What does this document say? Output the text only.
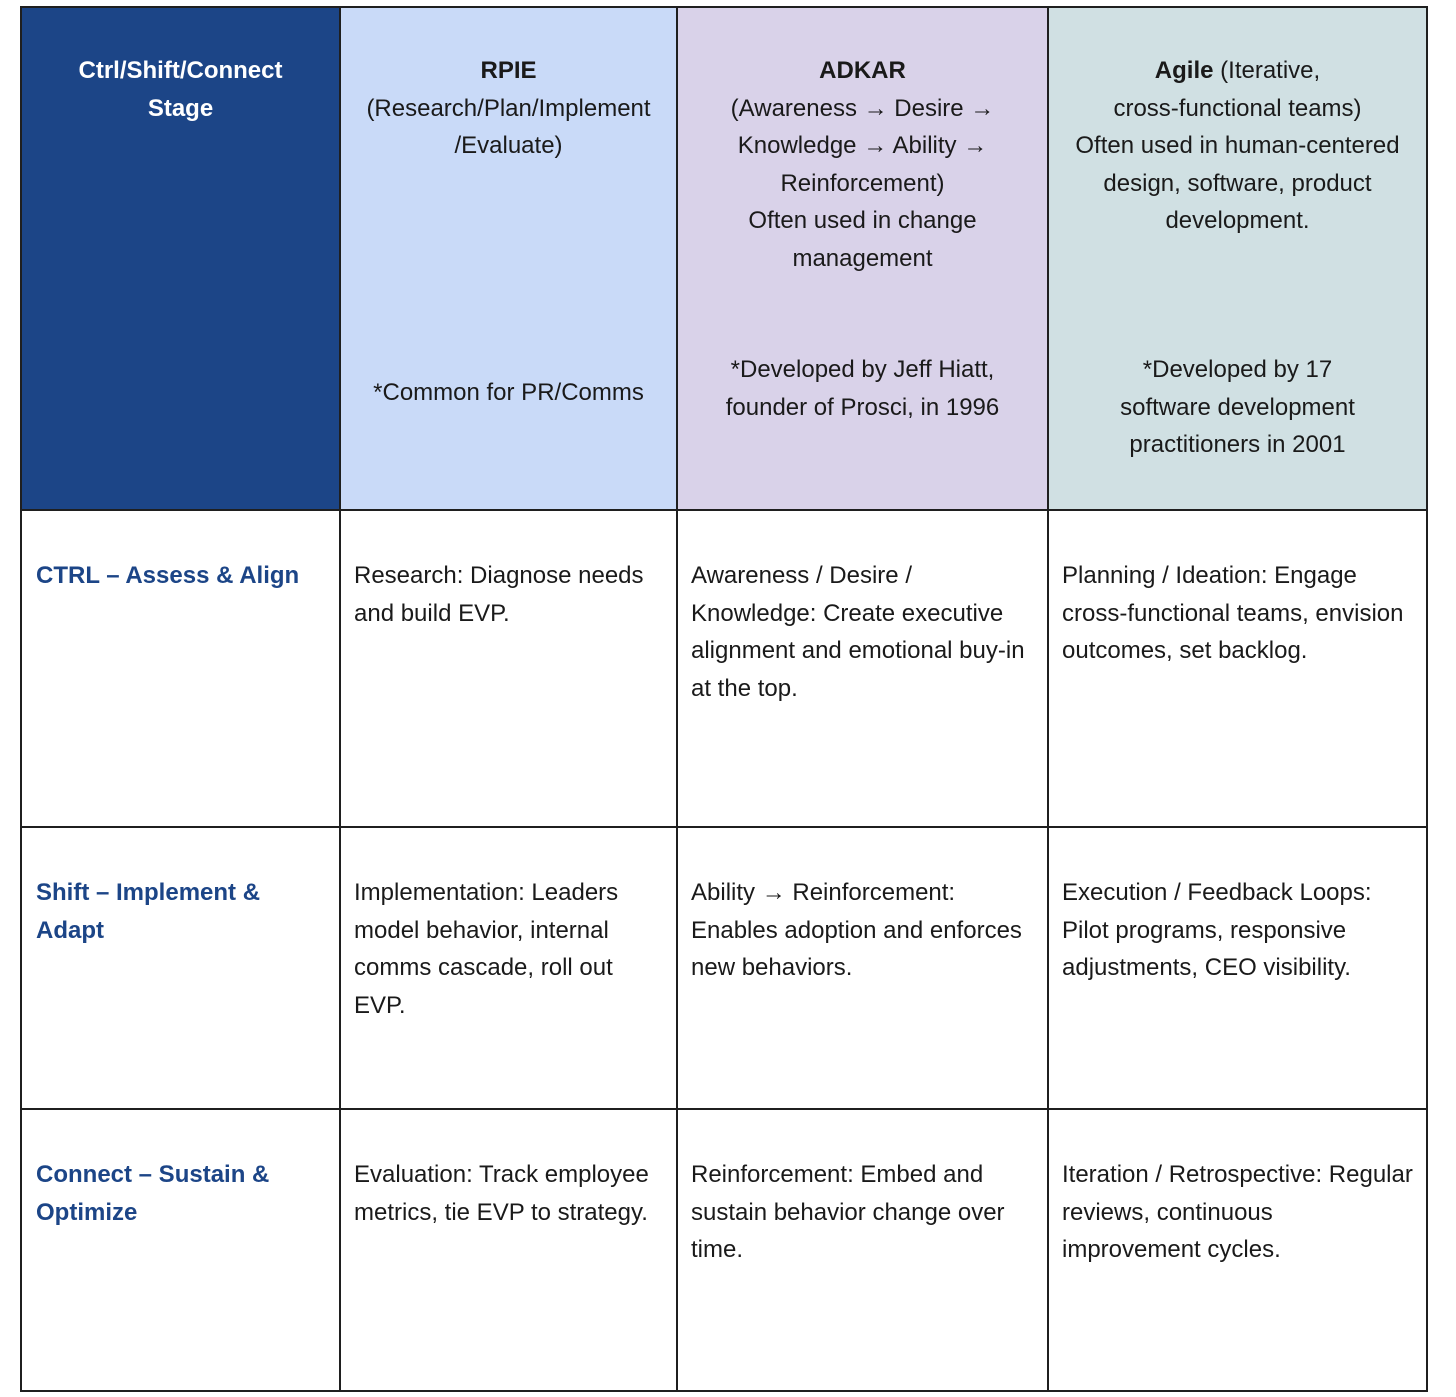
Ctrl/Shift/Connect
Stage
RPIE
(Research/Plan/Implement
/Evaluate)
*Common for PR/Comms
ADKAR
(Awareness → Desire →
Knowledge → Ability →
Reinforcement)
Often used in change
management
*Developed by Jeff Hiatt,
founder of Prosci, in 1996
Agile (Iterative,
cross-functional teams)
Often used in human-centered
design, software, product
development.
*Developed by 17
software development
practitioners in 2001
CTRL – Assess & Align	Research: Diagnose needs and build EVP.
Awareness / Desire / Knowledge: Create executive alignment and emotional buy-in at the top.
Planning / Ideation: Engage cross-functional teams, envision outcomes, set backlog.
Shift – Implement & Adapt
Implementation: Leaders model behavior, internal comms cascade, roll out EVP.
Ability → Reinforcement: Enables adoption and enforces new behaviors.
Execution / Feedback Loops: Pilot programs, responsive adjustments, CEO visibility.
Connect – Sustain & Optimize
Evaluation: Track employee metrics, tie EVP to strategy.
Reinforcement: Embed and sustain behavior change over time.
Iteration / Retrospective: Regular reviews, continuous improvement cycles.
